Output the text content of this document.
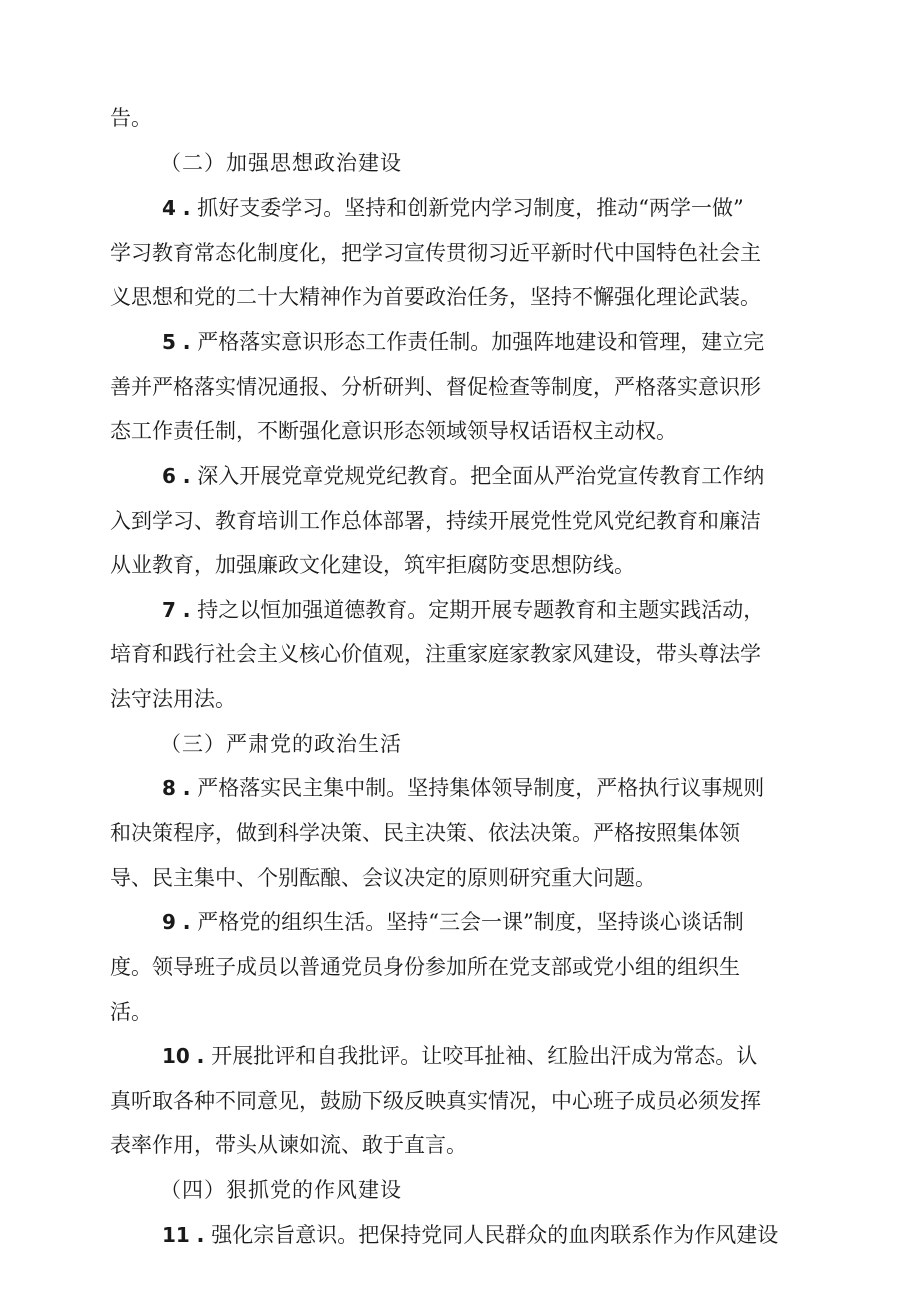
告。
（二）加强思想政治建设
4 . 抓好支委学习。坚持和创新党内学习制度，推动“两学一做”
学习教育常态化制度化，把学习宣传贯彻习近平新时代中国特色社会主
义思想和党的二十大精神作为首要政治任务，坚持不懈强化理论武装。
5 . 严格落实意识形态工作责任制。加强阵地建设和管理，建立完
善并严格落实情况通报、分析研判、督促检查等制度，严格落实意识形
态工作责任制，不断强化意识形态领域领导权话语权主动权。
6 . 深入开展党章党规党纪教育。把全面从严治党宣传教育工作纳
入到学习、教育培训工作总体部署，持续开展党性党风党纪教育和廉洁
从业教育，加强廉政文化建设，筑牢拒腐防变思想防线。
7 . 持之以恒加强道德教育。定期开展专题教育和主题实践活动，
培育和践行社会主义核心价值观，注重家庭家教家风建设，带头尊法学
法守法用法。
（三）严肃党的政治生活
8 . 严格落实民主集中制。坚持集体领导制度，严格执行议事规则
和决策程序，做到科学决策、民主决策、依法决策。严格按照集体领
导、民主集中、个别酝酿、会议决定的原则研究重大问题。
9 . 严格党的组织生活。坚持“三会一课”制度，坚持谈心谈话制
度。领导班子成员以普通党员身份参加所在党支部或党小组的组织生
活。
10 . 开展批评和自我批评。让咬耳扯袖、红脸出汗成为常态。认
真听取各种不同意见，鼓励下级反映真实情况，中心班子成员必须发挥
表率作用，带头从谏如流、敢于直言。
（四）狠抓党的作风建设
11 . 强化宗旨意识。把保持党同人民群众的血肉联系作为作风建设
